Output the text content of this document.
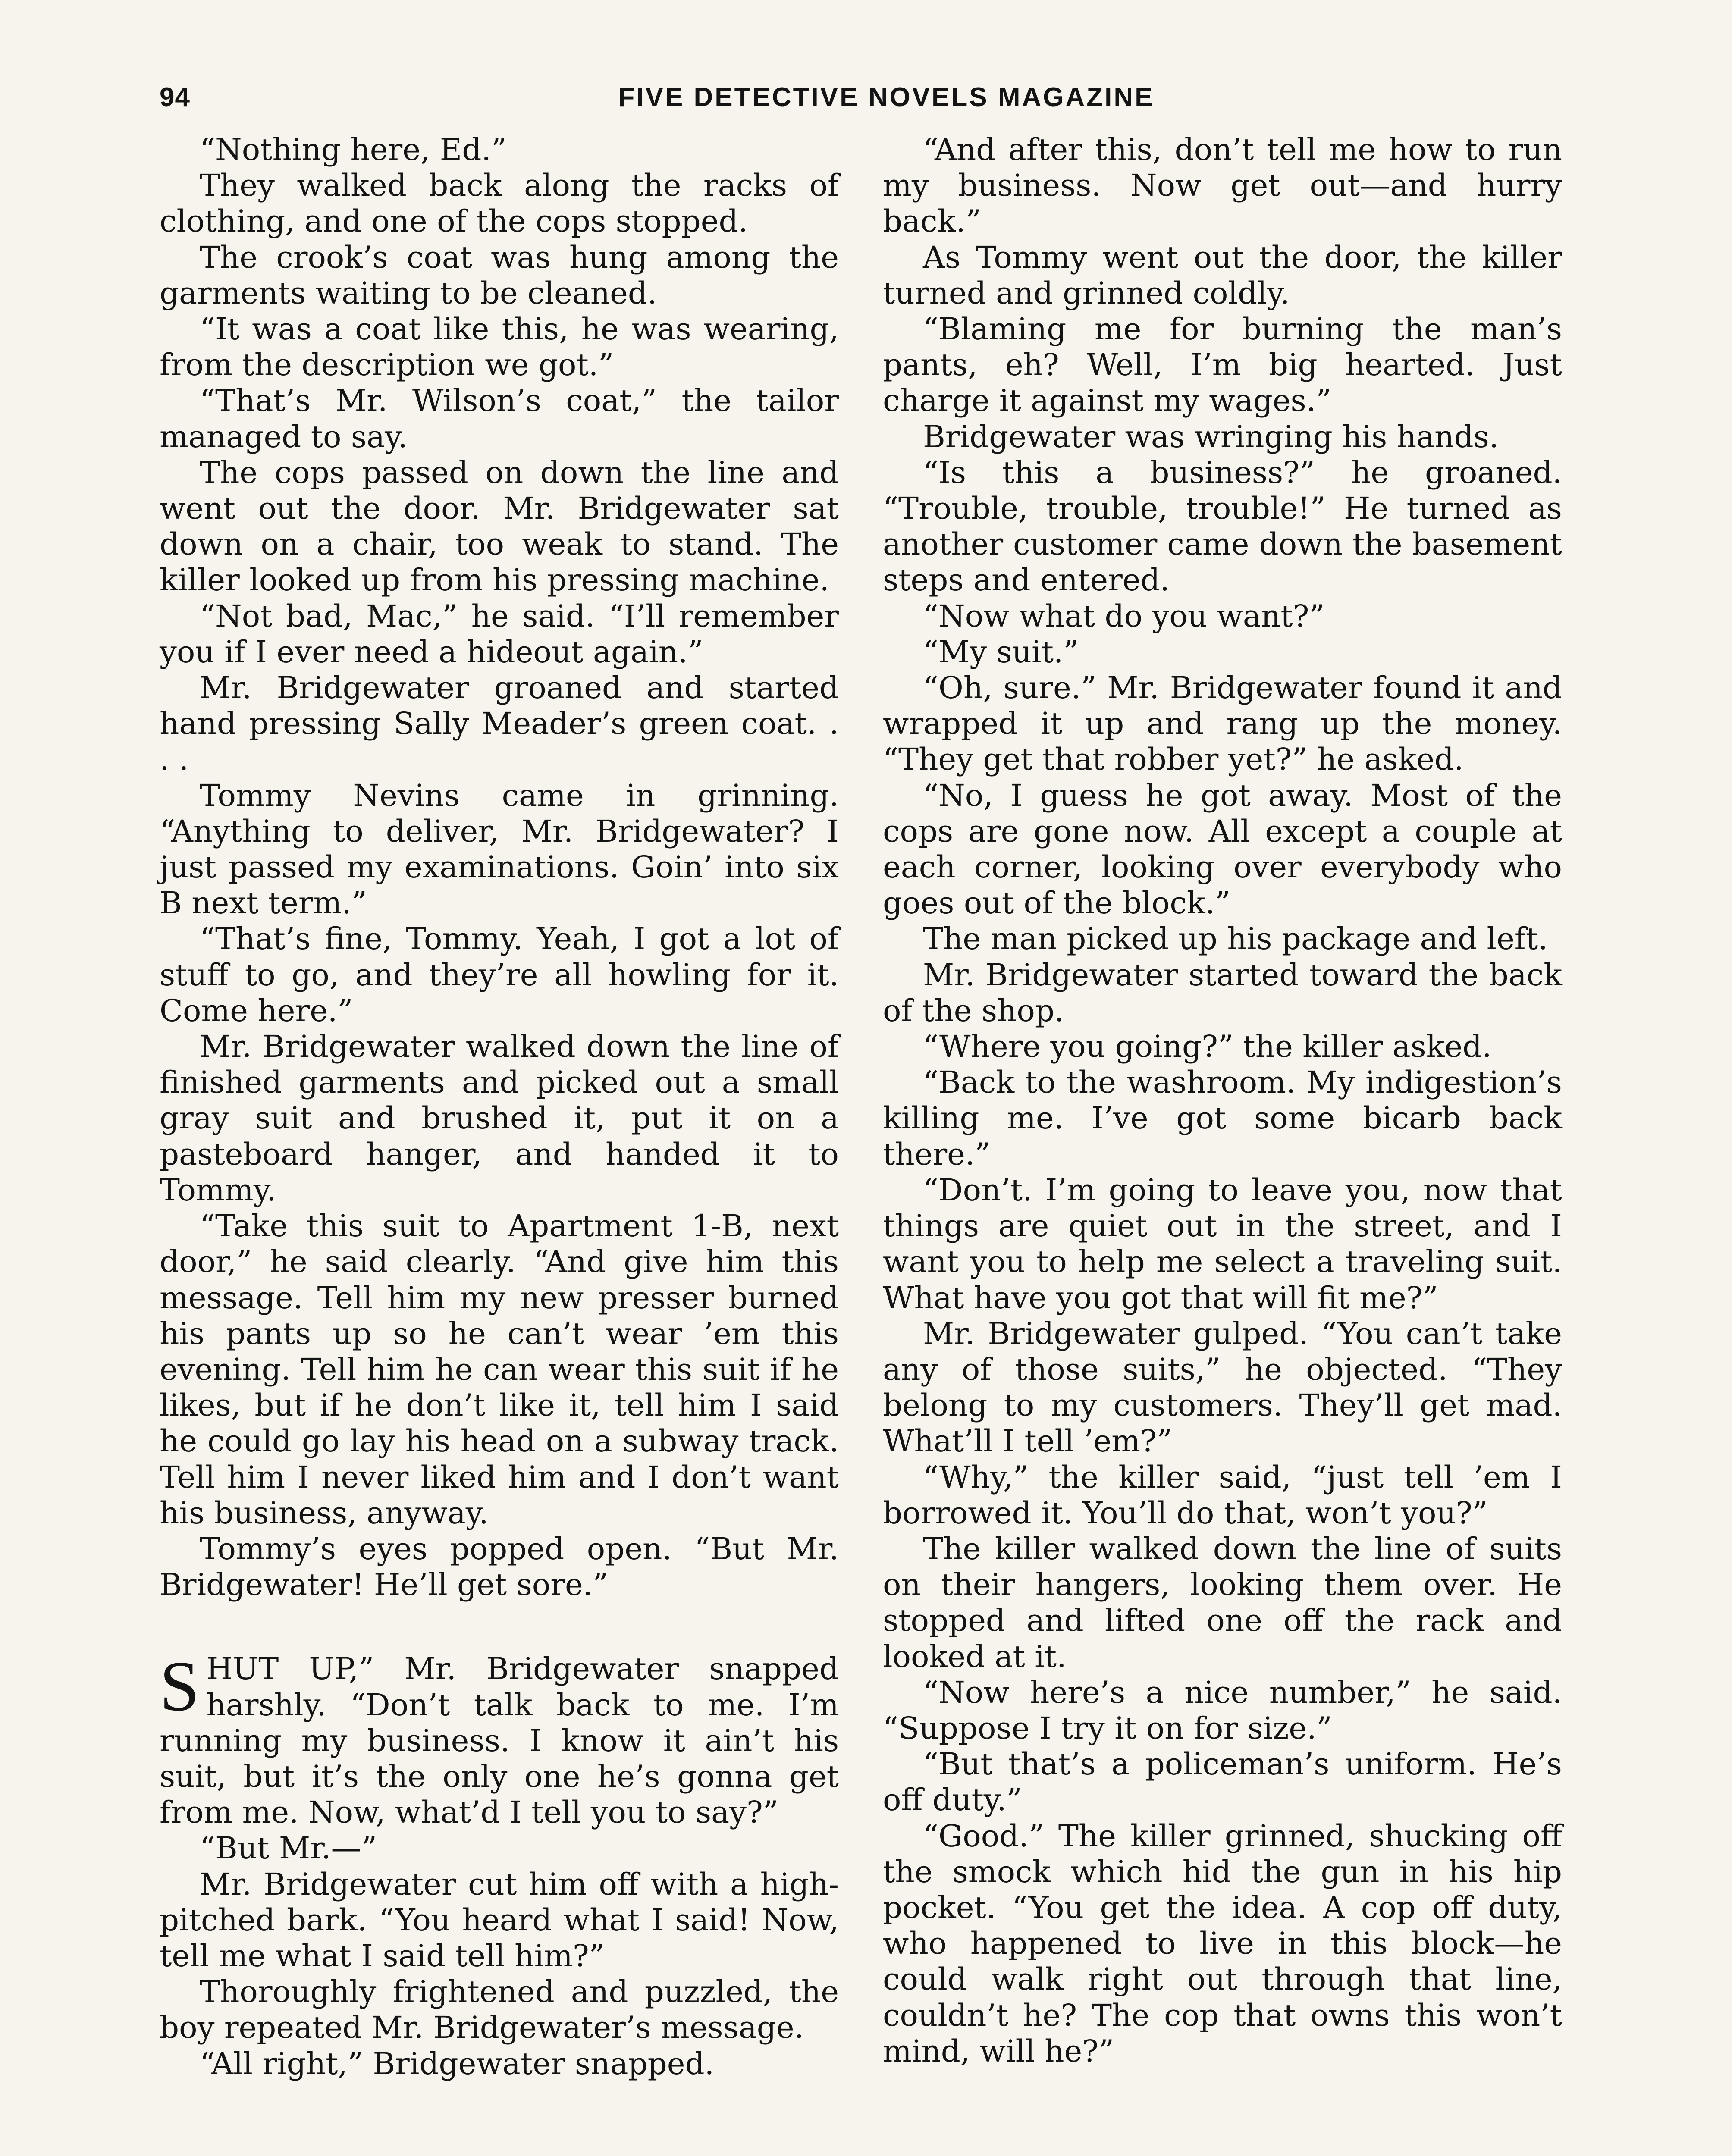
94	FIVE DETECTIVE NOVELS MAGAZINE

“Nothing here, Ed.”

They walked back along the racks of clothing, and one of the cops stopped.

The crook’s coat was hung among the garments waiting to be cleaned.

“It was a coat like this, he was wearing, from the description we got.”

“That’s Mr. Wilson’s coat,” the tailor managed to say.

The cops passed on down the line and went out the door. Mr. Bridgewater sat down on a chair, too weak to stand. The killer looked up from his pressing machine.

“Not bad, Mac,” he said. “I’ll remember you if I ever need a hideout again.”

Mr. Bridgewater groaned and started hand pressing Sally Meader’s green coat. . . .

Tommy Nevins came in grinning. “Anything to deliver, Mr. Bridgewater? I just passed my examinations. Goin’ into six B next term.”

“That’s fine, Tommy. Yeah, I got a lot of stuff to go, and they’re all howling for it. Come here.”

Mr. Bridgewater walked down the line of finished garments and picked out a small gray suit and brushed it, put it on a pasteboard hanger, and handed it to Tommy.

“Take this suit to Apartment 1-B, next door,” he said clearly. “And give him this message. Tell him my new presser burned his pants up so he can’t wear ’em this evening. Tell him he can wear this suit if he likes, but if he don’t like it, tell him I said he could go lay his head on a subway track. Tell him I never liked him and I don’t want his business, anyway.

Tommy’s eyes popped open. “But Mr. Bridgewater! He’ll get sore.”

SHUT UP,” Mr. Bridgewater snapped harshly. “Don’t talk back to me. I’m running my business. I know it ain’t his suit, but it’s the only one he’s gonna get from me. Now, what’d I tell you to say?”

“But Mr.—”

Mr. Bridgewater cut him off with a high-pitched bark. “You heard what I said! Now, tell me what I said tell him?”

Thoroughly frightened and puzzled, the boy repeated Mr. Bridgewater’s message.

“All right,” Bridgewater snapped.

“And after this, don’t tell me how to run my business. Now get out—and hurry back.”

As Tommy went out the door, the killer turned and grinned coldly.

“Blaming me for burning the man’s pants, eh? Well, I’m big hearted. Just charge it against my wages.”

Bridgewater was wringing his hands.

“Is this a business?” he groaned. “Trouble, trouble, trouble!” He turned as another customer came down the basement steps and entered.

“Now what do you want?”

“My suit.”

“Oh, sure.” Mr. Bridgewater found it and wrapped it up and rang up the money. “They get that robber yet?” he asked.

“No, I guess he got away. Most of the cops are gone now. All except a couple at each corner, looking over everybody who goes out of the block.”

The man picked up his package and left.

Mr. Bridgewater started toward the back of the shop.

“Where you going?” the killer asked.

“Back to the washroom. My indigestion’s killing me. I’ve got some bicarb back there.”

“Don’t. I’m going to leave you, now that things are quiet out in the street, and I want you to help me select a traveling suit. What have you got that will fit me?”

Mr. Bridgewater gulped. “You can’t take any of those suits,” he objected. “They belong to my customers. They’ll get mad. What’ll I tell ’em?”

“Why,” the killer said, “just tell ’em I borrowed it. You’ll do that, won’t you?”

The killer walked down the line of suits on their hangers, looking them over. He stopped and lifted one off the rack and looked at it.

“Now here’s a nice number,” he said. “Suppose I try it on for size.”

“But that’s a policeman’s uniform. He’s off duty.”

“Good.” The killer grinned, shucking off the smock which hid the gun in his hip pocket. “You get the idea. A cop off duty, who happened to live in this block—he could walk right out through that line, couldn’t he? The cop that owns this won’t mind, will he?”
